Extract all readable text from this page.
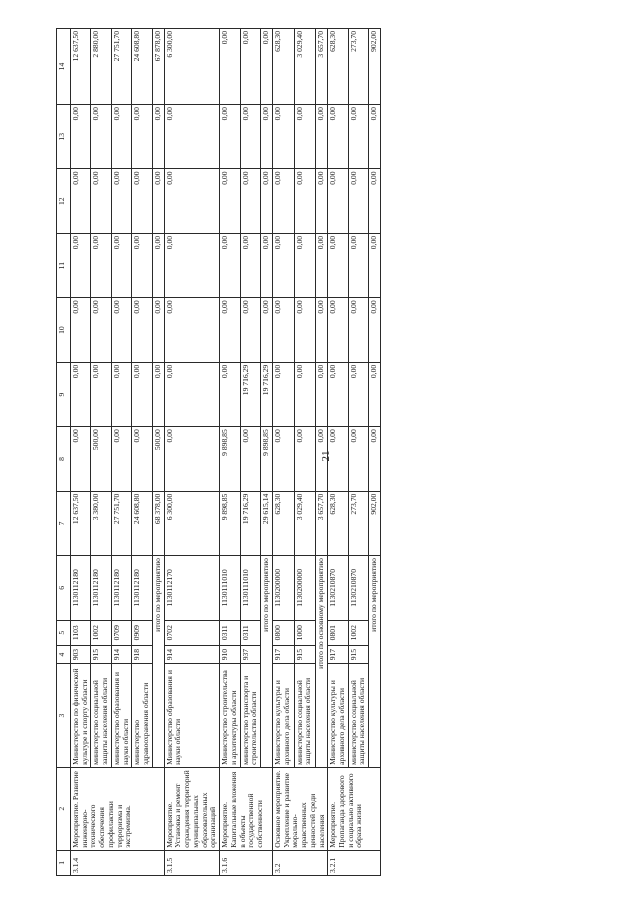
21
1	2	3	4	5	6	7	8	9	10	11	12	13	14
3.1.4	Мероприятие. Развитие инженерно-технического обеспечения профилактики терроризма и экстремизма.	Министерство по физической культуре и спорту области	903	1103	1130112180	12 637,50	0,00	0,00	0,00	0,00	0,00	0,00	12 637,50
		министерство социальной защиты населения области	915	1002	1130112180	3 380,00	500,00	0,00	0,00	0,00	0,00	0,00	2 880,00
		министерство образования и науки области	914	0709	1130112180	27 751,70	0,00	0,00	0,00	0,00	0,00	0,00	27 751,70
		министерство здравоохранения области	918	0909	1130112180	24 608,80	0,00	0,00	0,00	0,00	0,00	0,00	24 608,80
		итого по мероприятию				68 378,00	500,00	0,00	0,00	0,00	0,00	0,00	67 878,00
3.1.5	Мероприятие. Установка и ремонт ограждения территорий муниципальных образовательных организаций	Министерство образования и науки области	914	0702	1130112170	6 300,00	0,00	0,00	0,00	0,00	0,00	0,00	6 300,00
3.1.6	Мероприятие. Капитальные вложения в объекты государственной собственности	Министерство строительства и архитектуры области	910	0311	1130111010	9 898,85	9 898,85	0,00	0,00	0,00	0,00	0,00	0,00
		министерство транспорта и строительства области	937	0311	1130111010	19 716,29	0,00	19 716,29	0,00	0,00	0,00	0,00	0,00
		итого по мероприятию				29 615,14	9 898,85	19 716,29	0,00	0,00	0,00	0,00	0,00
3.2	Основное мероприятие. Укрепление и развитие морально-нравственных ценностей среди населения	Министерство культуры и архивного дела области	917	0800	1130200000	628,30	0,00	0,00	0,00	0,00	0,00	0,00	628,30
		министерство социальной защиты населения области	915	1000	1130200000	3 029,40	0,00	0,00	0,00	0,00	0,00	0,00	3 029,40
		итого по основному мероприятию				3 657,70	0,00	0,00	0,00	0,00	0,00	0,00	3 657,70
3.2.1	Мероприятие. Пропаганда здорового и социально активного образа жизни	Министерство культуры и архивного дела области	917	0801	1130210870	628,30	0,00	0,00	0,00	0,00	0,00	0,00	628,30
		министерство социальной защиты населения области	915	1002	1130210870	273,70	0,00	0,00	0,00	0,00	0,00	0,00	273,70
		итого по мероприятию				902,00	0,00	0,00	0,00	0,00	0,00	0,00	902,00
